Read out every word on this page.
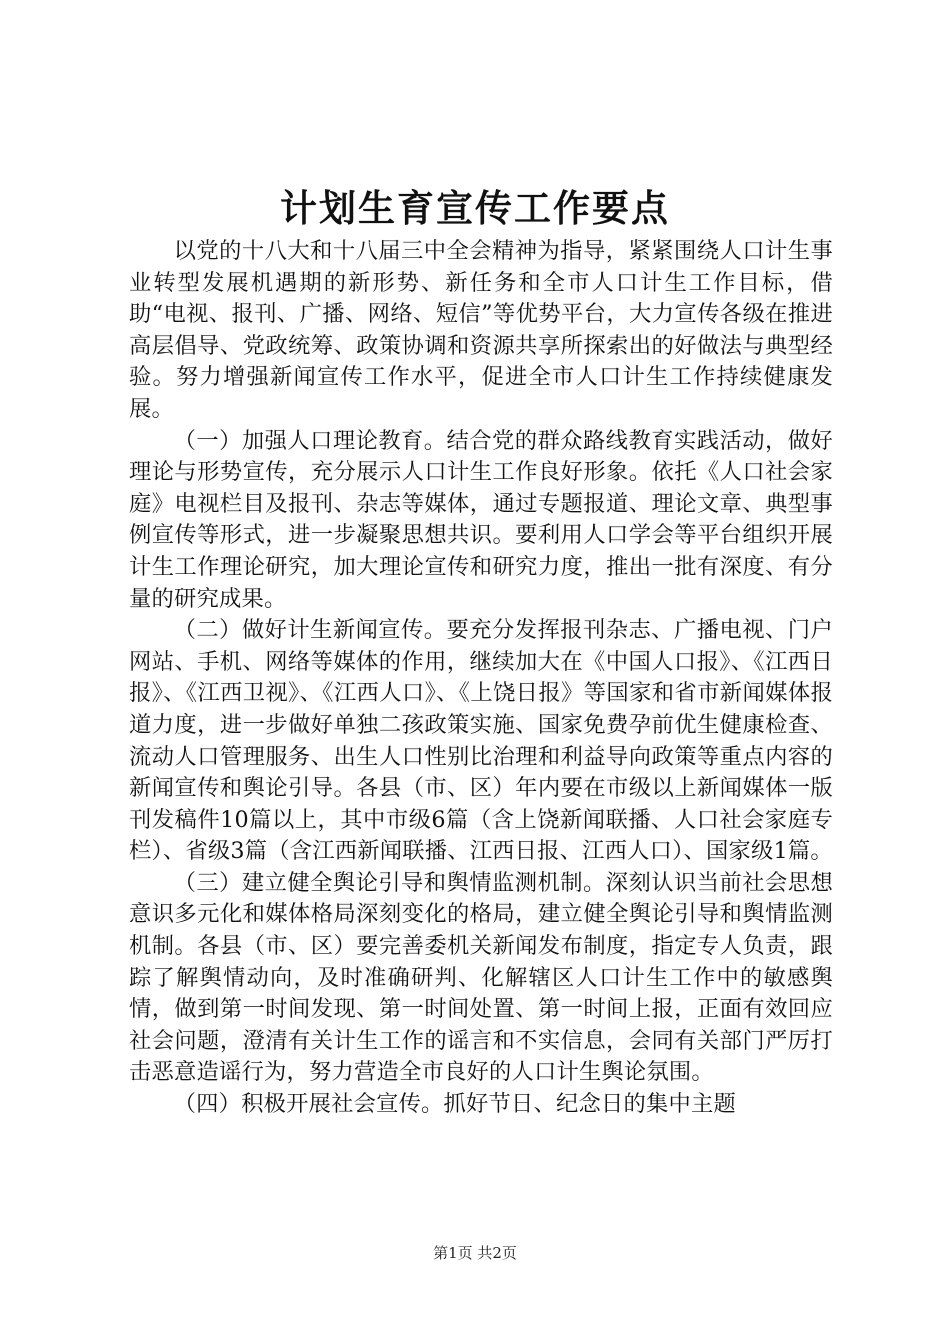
计划生育宣传工作要点

以党的十八大和十八届三中全会精神为指导，紧紧围绕人口计生事业转型发展机遇期的新形势、新任务和全市人口计生工作目标，借助“电视、报刊、广播、网络、短信”等优势平台，大力宣传各级在推进高层倡导、党政统筹、政策协调和资源共享所探索出的好做法与典型经验。努力增强新闻宣传工作水平，促进全市人口计生工作持续健康发展。

（一）加强人口理论教育。结合党的群众路线教育实践活动，做好理论与形势宣传，充分展示人口计生工作良好形象。依托《人口社会家庭》电视栏目及报刊、杂志等媒体，通过专题报道、理论文章、典型事例宣传等形式，进一步凝聚思想共识。要利用人口学会等平台组织开展计生工作理论研究，加大理论宣传和研究力度，推出一批有深度、有分量的研究成果。

（二）做好计生新闻宣传。要充分发挥报刊杂志、广播电视、门户网站、手机、网络等媒体的作用，继续加大在《中国人口报》、《江西日报》、《江西卫视》、《江西人口》、《上饶日报》等国家和省市新闻媒体报道力度，进一步做好单独二孩政策实施、国家免费孕前优生健康检查、流动人口管理服务、出生人口性别比治理和利益导向政策等重点内容的新闻宣传和舆论引导。各县（市、区）年内要在市级以上新闻媒体一版刊发稿件10篇以上，其中市级6篇（含上饶新闻联播、人口社会家庭专栏）、省级3篇（含江西新闻联播、江西日报、江西人口）、国家级1篇。

（三）建立健全舆论引导和舆情监测机制。深刻认识当前社会思想意识多元化和媒体格局深刻变化的格局，建立健全舆论引导和舆情监测机制。各县（市、区）要完善委机关新闻发布制度，指定专人负责，跟踪了解舆情动向，及时准确研判、化解辖区人口计生工作中的敏感舆情，做到第一时间发现、第一时间处置、第一时间上报，正面有效回应社会问题，澄清有关计生工作的谣言和不实信息，会同有关部门严厉打击恶意造谣行为，努力营造全市良好的人口计生舆论氛围。

（四）积极开展社会宣传。抓好节日、纪念日的集中主题

第1页 共2页
